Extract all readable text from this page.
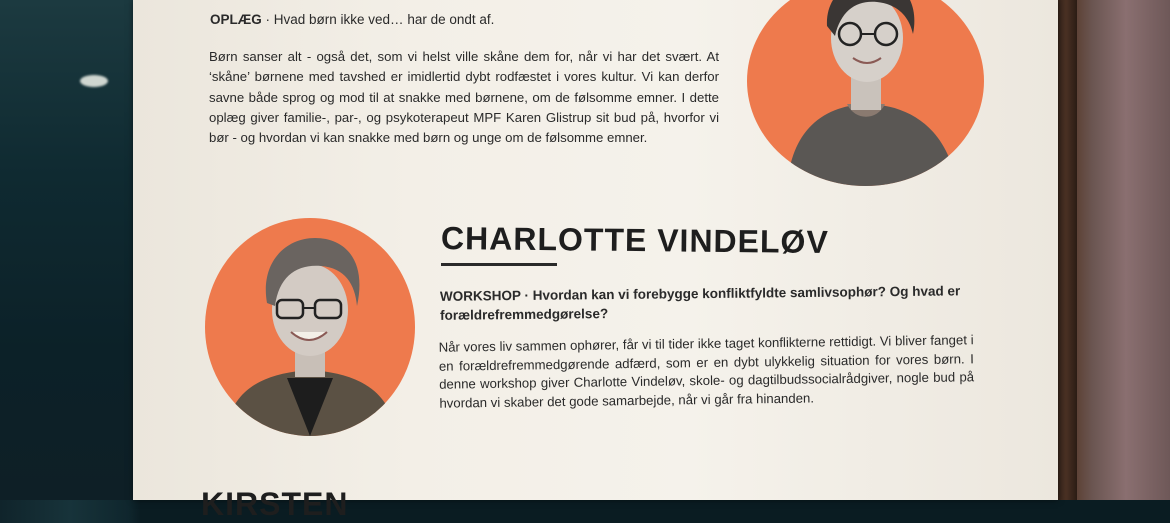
OPLÆG · Hvad børn ikke ved… har de ondt af.
Børn sanser alt - også det, som vi helst ville skåne dem for, når vi har det svært. At ‘skåne’ børnene med tavshed er imidlertid dybt rodfæstet i vores kultur. Vi kan derfor savne både sprog og mod til at snakke med børnene, om de følsomme emner. I dette oplæg giver familie-, par-, og psykoterapeut MPF Karen Glistrup sit bud på, hvorfor vi bør - og hvordan vi kan snakke med børn og unge om de følsomme emner.
CHARLOTTE VINDELØV
WORKSHOP · Hvordan kan vi forebygge konfliktfyldte samlivsophør? Og hvad er forældrefremmedgørelse?
Når vores liv sammen ophører, får vi til tider ikke taget konflikterne rettidigt. Vi bliver fanget i en forældrefremmedgørende adfærd, som er en dybt ulykkelig situation for vores børn. I denne workshop giver Charlotte Vindeløv, skole- og dagtilbudssocialrådgiver, nogle bud på hvordan vi skaber det gode samarbejde, når vi går fra hinanden.
KIRSTEN
